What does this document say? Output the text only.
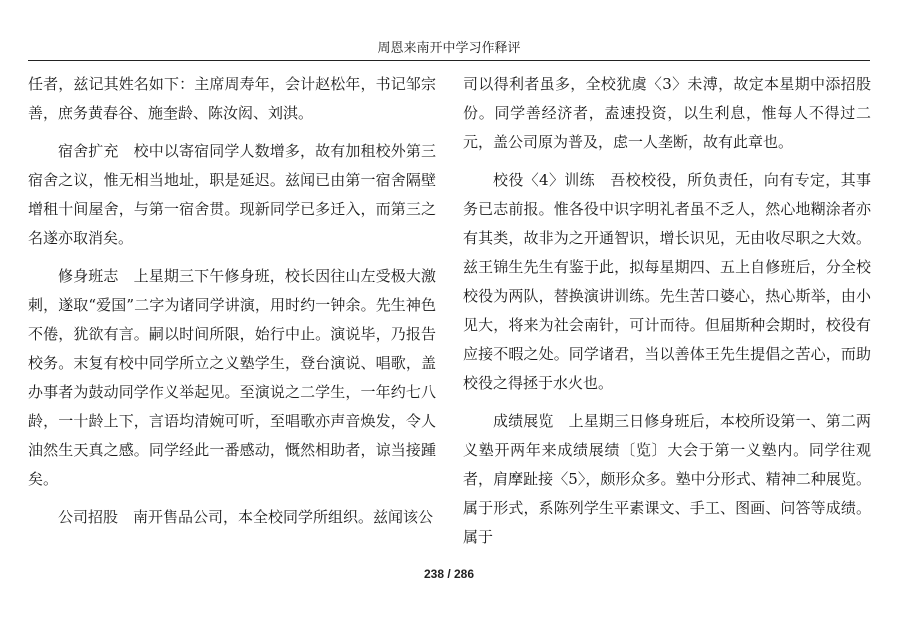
周恩来南开中学习作释评

任者，兹记其姓名如下：主席周寿年，会计赵松年，书记邹宗善，庶务黄春谷、施奎龄、陈汝闳、刘淇。

宿舍扩充  校中以寄宿同学人数增多，故有加租校外第三宿舍之议，惟无相当地址，职是延迟。兹闻已由第一宿舍隔壁增租十间屋舍，与第一宿舍贯。现新同学已多迁入，而第三之名遂亦取消矣。

修身班志  上星期三下午修身班，校长因往山左受极大激刺，遂取“爱国”二字为诸同学讲演，用时约一钟余。先生神色不倦，犹欲有言。嗣以时间所限，始行中止。演说毕，乃报告校务。末复有校中同学所立之义塾学生，登台演说、唱歌，盖办事者为鼓动同学作义举起见。至演说之二学生，一年约七八龄，一十龄上下，言语均清婉可听，至唱歌亦声音焕发，令人油然生天真之感。同学经此一番感动，慨然相助者，谅当接踵矣。

公司招股  南开售品公司，本全校同学所组织。兹闻该公

司以得利者虽多，全校犹虞〈3〉未溥，故定本星期中添招股份。同学善经济者，盍速投资，以生利息，惟每人不得过二元，盖公司原为普及，虑一人垄断，故有此章也。

校役〈4〉训练  吾校校役，所负责任，向有专定，其事务已志前报。惟各役中识字明礼者虽不乏人，然心地糊涂者亦有其类，故非为之开通智识，增长识见，无由收尽职之大效。兹王锦生先生有鉴于此，拟每星期四、五上自修班后，分全校校役为两队，替换演讲训练。先生苦口婆心，热心斯举，由小见大，将来为社会南针，可计而待。但届斯种会期时，校役有应接不暇之处。同学诸君，当以善体王先生提倡之苦心，而助校役之得拯于水火也。

成绩展览  上星期三日修身班后，本校所设第一、第二两义塾开两年来成绩展绩〔览〕大会于第一义塾内。同学往观者，肩摩趾接〈5〉，颇形众多。塾中分形式、精神二种展览。属于形式，系陈列学生平素课文、手工、图画、问答等成绩。属于

238 / 286
